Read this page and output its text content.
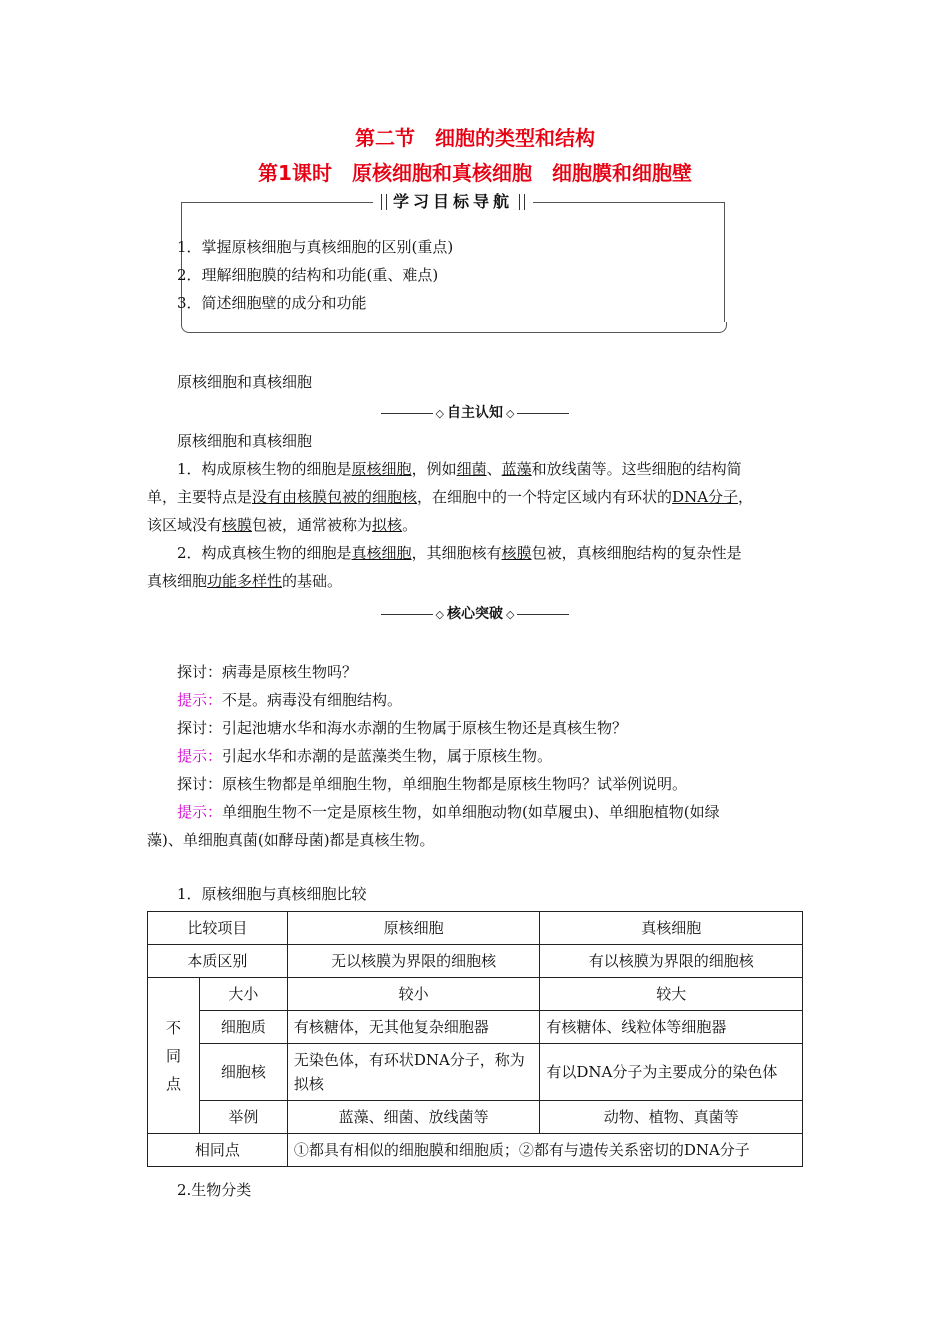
第二节　细胞的类型和结构
第1课时　原核细胞和真核细胞　细胞膜和细胞壁
学习目标导航
1．掌握原核细胞与真核细胞的区别(重点)
2．理解细胞膜的结构和功能(重、难点)
3．简述细胞壁的成分和功能
原核细胞和真核细胞
◇ 自主认知 ◇
原核细胞和真核细胞
1．构成原核生物的细胞是原核细胞，例如细菌、蓝藻和放线菌等。这些细胞的结构简
单，主要特点是没有由核膜包被的细胞核，在细胞中的一个特定区域内有环状的DNA分子，
该区域没有核膜包被，通常被称为拟核。
2．构成真核生物的细胞是真核细胞，其细胞核有核膜包被，真核细胞结构的复杂性是
真核细胞功能多样性的基础。
◇ 核心突破 ◇
探讨：病毒是原核生物吗？
提示：不是。病毒没有细胞结构。
探讨：引起池塘水华和海水赤潮的生物属于原核生物还是真核生物？
提示：引起水华和赤潮的是蓝藻类生物，属于原核生物。
探讨：原核生物都是单细胞生物，单细胞生物都是原核生物吗？试举例说明。
提示：单细胞生物不一定是原核生物，如单细胞动物(如草履虫)、单细胞植物(如绿
藻)、单细胞真菌(如酵母菌)都是真核生物。
1．原核细胞与真核细胞比较
比较项目		原核细胞	真核细胞
本质区别		无以核膜为界限的细胞核	有以核膜为界限的细胞核
不
同
点	大小	较小	较大
	细胞质	有核糖体，无其他复杂细胞器	有核糖体、线粒体等细胞器
	细胞核	无染色体，有环状DNA分子，称为拟核	有以DNA分子为主要成分的染色体
	举例	蓝藻、细菌、放线菌等	动物、植物、真菌等
相同点		①都具有相似的细胞膜和细胞质；②都有与遗传关系密切的DNA分子	
2.生物分类
